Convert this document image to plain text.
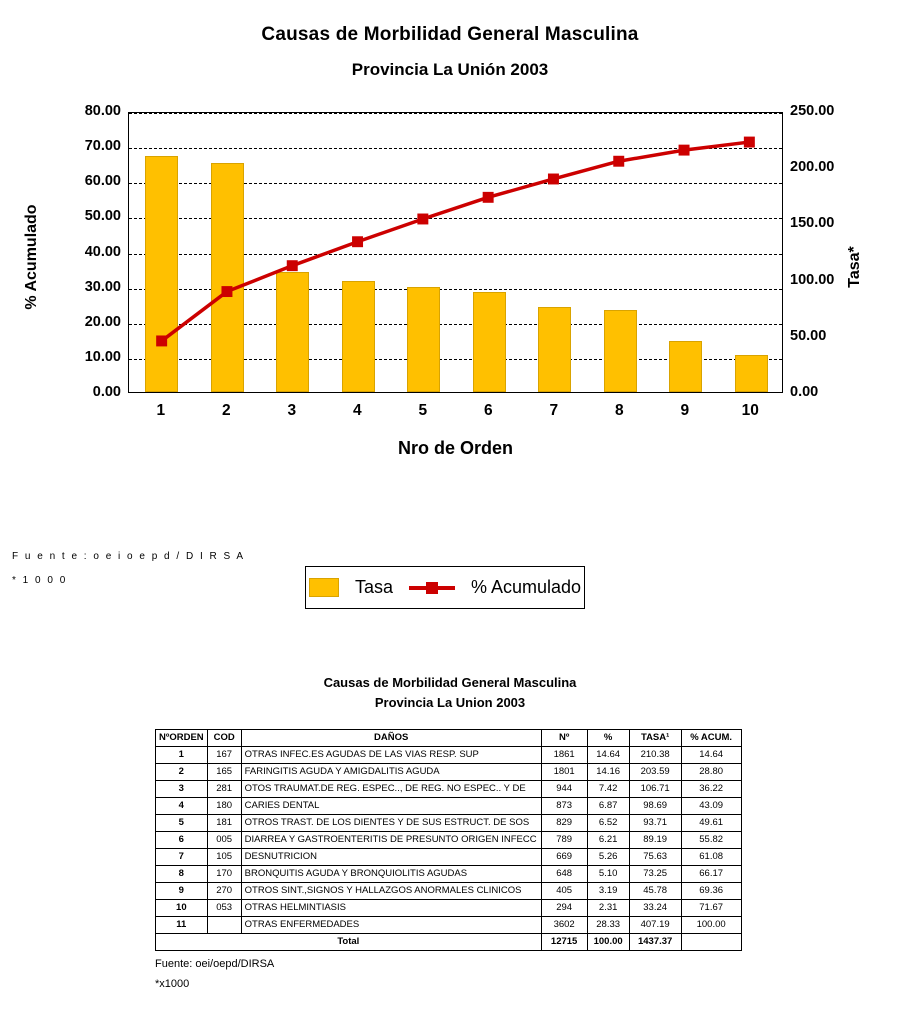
Causas de Morbilidad General Masculina
Provincia La Unión 2003
% Acumulado	Tasa*
0.00
10.00
20.00
30.00
40.00
50.00
60.00
70.00
80.00
0.00
50.00
100.00
150.00
200.00
250.00
1	2	3	4	5	6	7	8	9	10
Nro de Orden
F u e n t e : o e i o e p d / D I R S A
* 1 0 0 0	Tasa	% Acumulado
Causas de Morbilidad General Masculina
Provincia La Union 2003
NºORDEN	COD	DAÑOS	Nº	%	TASA¹	% ACUM.
1	167	OTRAS INFEC.ES AGUDAS DE LAS VIAS RESP. SUP	1861	14.64	210.38	14.64
2	165	FARINGITIS AGUDA Y AMIGDALITIS AGUDA	1801	14.16	203.59	28.80
3	281	OTOS TRAUMAT.DE REG. ESPEC.., DE REG. NO ESPEC.. Y DE	944	7.42	106.71	36.22
4	180	CARIES DENTAL	873	6.87	98.69	43.09
5	181	OTROS TRAST. DE LOS DIENTES Y DE SUS ESTRUCT. DE SOS	829	6.52	93.71	49.61
6	005	DIARREA Y GASTROENTERITIS DE PRESUNTO ORIGEN INFECC	789	6.21	89.19	55.82
7	105	DESNUTRICION	669	5.26	75.63	61.08
8	170	BRONQUITIS AGUDA Y BRONQUIOLITIS AGUDAS	648	5.10	73.25	66.17
9	270	OTROS SINT.,SIGNOS Y HALLAZGOS ANORMALES CLINICOS	405	3.19	45.78	69.36
10	053	OTRAS HELMINTIASIS	294	2.31	33.24	71.67
11		OTRAS ENFERMEDADES	3602	28.33	407.19	100.00
Total			12715	100.00	1437.37	
Fuente: oei/oepd/DIRSA
*x1000
